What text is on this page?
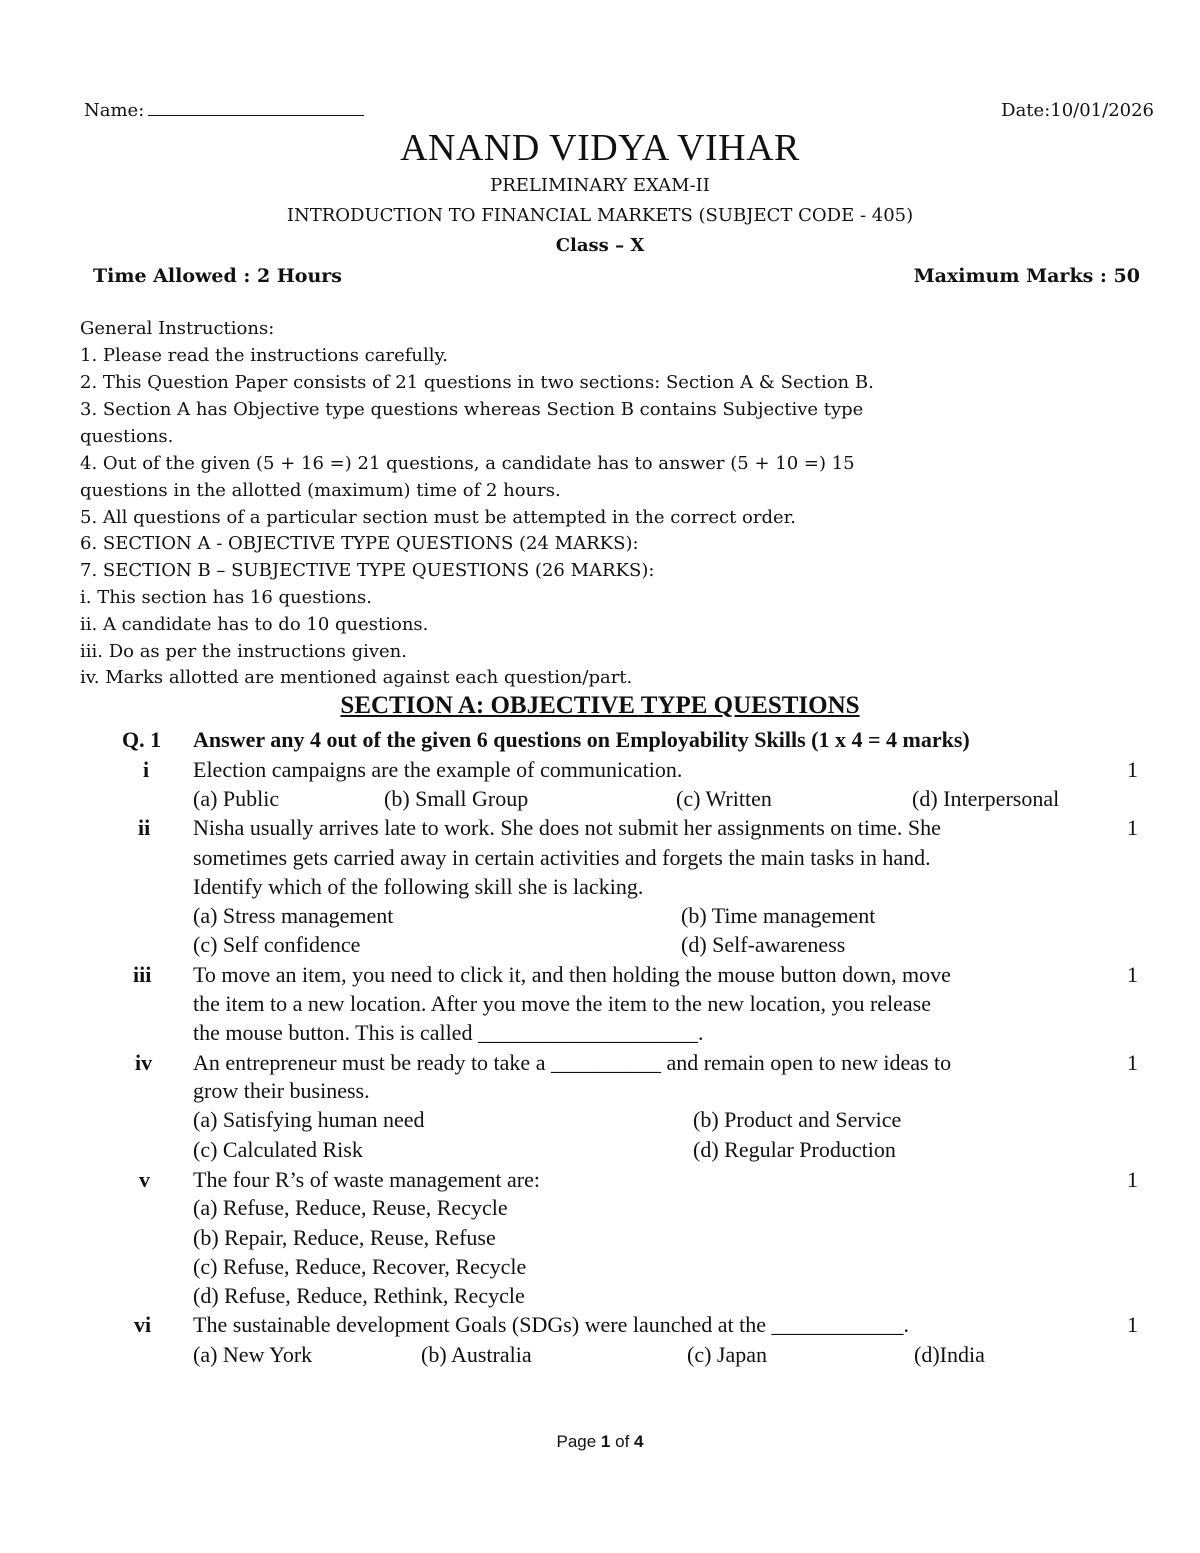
Name:	Date:10/01/2026
ANAND VIDYA VIHAR
PRELIMINARY EXAM-II
INTRODUCTION TO FINANCIAL MARKETS (SUBJECT CODE - 405)
Class – X
Time Allowed : 2 Hours	Maximum Marks : 50
General Instructions:
1. Please read the instructions carefully.
2. This Question Paper consists of 21 questions in two sections: Section A & Section B.
3. Section A has Objective type questions whereas Section B contains Subjective type
questions.
4. Out of the given (5 + 16 =) 21 questions, a candidate has to answer (5 + 10 =) 15
questions in the allotted (maximum) time of 2 hours.
5. All questions of a particular section must be attempted in the correct order.
6. SECTION A - OBJECTIVE TYPE QUESTIONS (24 MARKS):
7. SECTION B – SUBJECTIVE TYPE QUESTIONS (26 MARKS):
i. This section has 16 questions.
ii. A candidate has to do 10 questions.
iii. Do as per the instructions given.
iv. Marks allotted are mentioned against each question/part.
SECTION A: OBJECTIVE TYPE QUESTIONS
Q. 1 Answer any 4 out of the given 6 questions on Employability Skills (1 x 4 = 4 marks)
i Election campaigns are the example of communication.	1
(a) Public	(b) Small Group	(c) Written	(d) Interpersonal
ii Nisha usually arrives late to work. She does not submit her assignments on time. She
sometimes gets carried away in certain activities and forgets the main tasks in hand.
Identify which of the following skill she is lacking.
1
(a) Stress management	(b) Time management
(c) Self confidence	(d) Self-awareness
iii To move an item, you need to click it, and then holding the mouse button down, move
the item to a new location. After you move the item to the new location, you release
the mouse button. This is called ____________________.
1
iv An entrepreneur must be ready to take a __________ and remain open to new ideas to
grow their business.
1
(a) Satisfying human need	(b) Product and Service
(c) Calculated Risk	(d) Regular Production
v The four R’s of waste management are:	1
(a) Refuse, Reduce, Reuse, Recycle
(b) Repair, Reduce, Reuse, Refuse
(c) Refuse, Reduce, Recover, Recycle
(d) Refuse, Reduce, Rethink, Recycle
vi The sustainable development Goals (SDGs) were launched at the ____________.	1
(a) New York	(b) Australia	(c) Japan	(d)India
Page 1 of 4
